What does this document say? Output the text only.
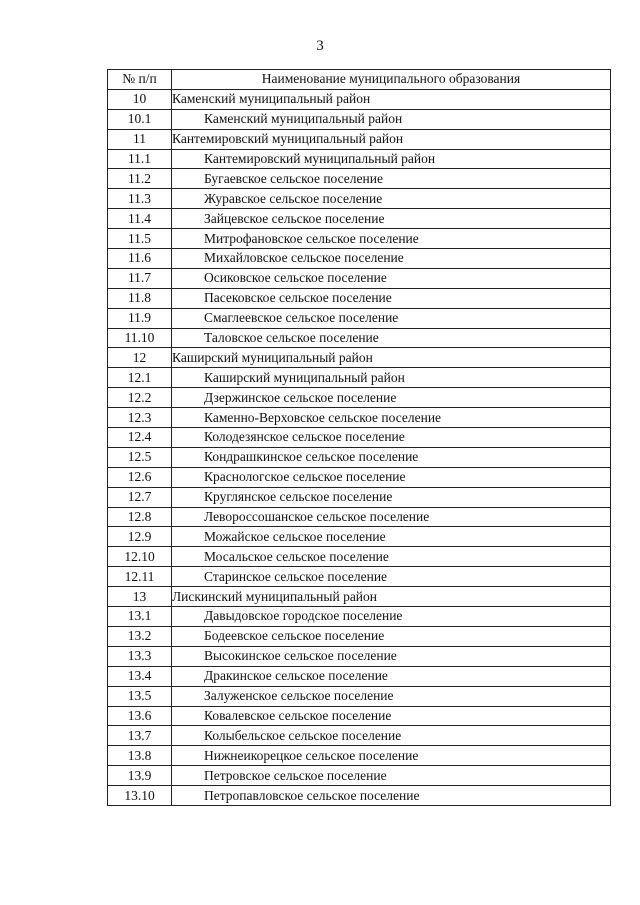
3
№ п/п	Наименование муниципального образования
10	Каменский муниципальный район
10.1	Каменский муниципальный район
11	Кантемировский муниципальный район
11.1	Кантемировский муниципальный район
11.2	Бугаевское сельское поселение
11.3	Журавское сельское поселение
11.4	Зайцевское сельское поселение
11.5	Митрофановское сельское поселение
11.6	Михайловское сельское поселение
11.7	Осиковское сельское поселение
11.8	Пасековское сельское поселение
11.9	Смаглеевское сельское поселение
11.10	Таловское сельское поселение
12	Каширский муниципальный район
12.1	Каширский муниципальный район
12.2	Дзержинское сельское поселение
12.3	Каменно-Верховское сельское поселение
12.4	Колодезянское сельское поселение
12.5	Кондрашкинское сельское поселение
12.6	Краснологское сельское поселение
12.7	Круглянское сельское поселение
12.8	Левороссошанское сельское поселение
12.9	Можайское сельское поселение
12.10	Мосальское сельское поселение
12.11	Старинское сельское поселение
13	Лискинский муниципальный район
13.1	Давыдовское городское поселение
13.2	Бодеевское сельское поселение
13.3	Высокинское сельское поселение
13.4	Дракинское сельское поселение
13.5	Залуженское сельское поселение
13.6	Ковалевское сельское поселение
13.7	Колыбельское сельское поселение
13.8	Нижнеикорецкое сельское поселение
13.9	Петровское сельское поселение
13.10	Петропавловское сельское поселение
